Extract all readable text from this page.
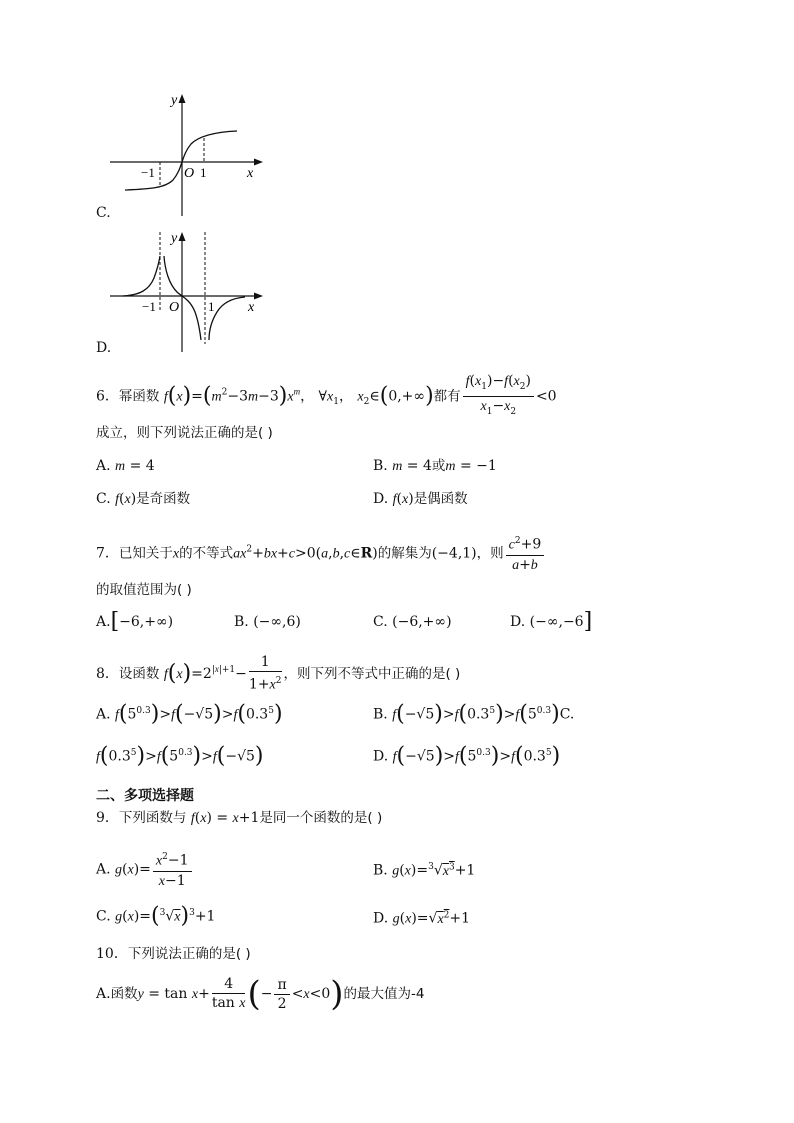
y
x
O
−1	1
C.
y
x
O
−1	1
D.
6．幂函数 $f(x)=(m^2-3m-3)x^m$， $\forall x_1$， $x_2\in(0,+\infty)$都有 $\frac{f(x_1)-f(x_2)}{x_1-x_2} <0$
成立，则下列说法正确的是( )
A. m = 4	B. m = 4或m = −1
C. f(x)是奇函数	D. f(x)是偶函数
7．已知关于x的不等式$ax^2+bx+c>0(a,b,c\in R)$的解集为(−4,1)，则 $\frac{c^2+9}{a+b}$
的取值范围为( )
A.[−6,+∞)	B. (−∞,6)	C. (−6,+∞)	D. (−∞,−6]
8．设函数 $f(x)=2^{|x|+1}- \frac{1}{1+x^2}$ ，则下列不等式中正确的是( )
A. $f(5^{0.3})>f(-√5)>f(0.3^5)$	B. $f(-√5)>f(0.3^5)>f(5^{0.3})C$.
$f(0.3^5)>f(5^{0.3})>f(-√5)$	D. $f(-√5)>f(5^{0.3})>f(0.3^5)$
二、多项选择题
9．下列函数与 f(x) = x+1是同一个函数的是( )
A. $g(x)= \frac{x^2-1}{x-1}$	B. $g(x)=^3√x^3+1$
C. $g(x)=(^3√x)^3+1$	D. $g(x)=√x^2+1$
10．下列说法正确的是( )
A.函数$y = \tan x+ \frac{4}{\text{tan x}}$ (− $\frac{\pi}{2} <x<0$)的最大值为-4
